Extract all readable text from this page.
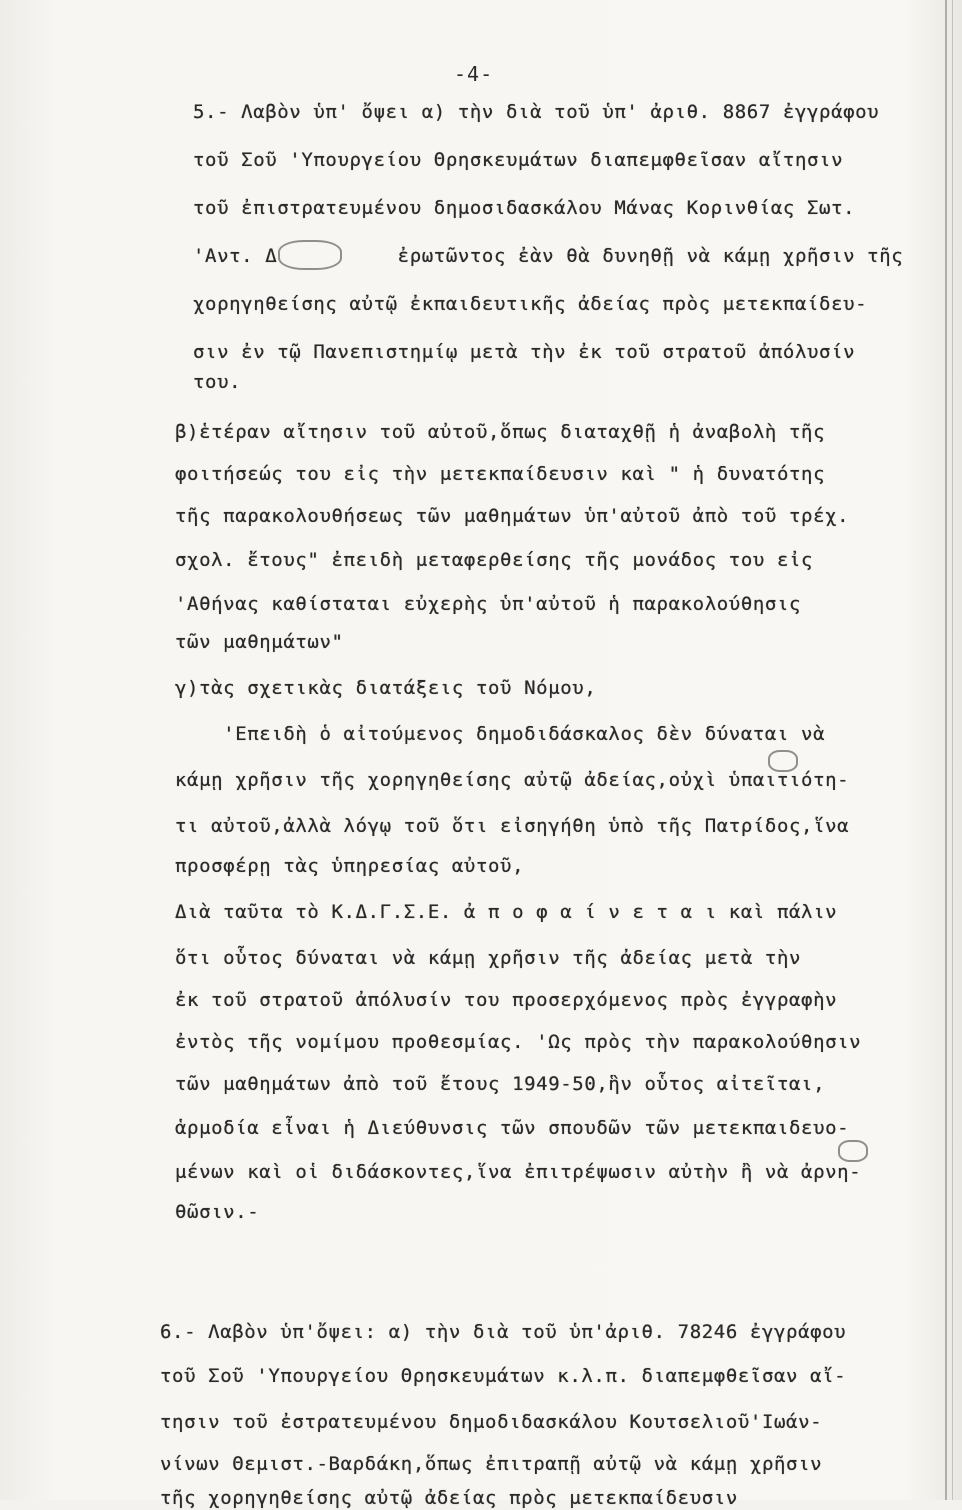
-4-
5.- Λαβὸν ὑπ' ὄψει α) τὴν διὰ τοῦ ὑπ' ἀριθ. 8867 ἐγγράφου
τοῦ Σοῦ 'Υπουργείου Θρησκευμάτων διαπεμφθεῖσαν αἴτησιν
τοῦ ἐπιστρατευμένου δημοσιδασκάλου Μάνας Κορινθίας Σωτ.
'Αντ. Δ          ἐρωτῶντος ἐὰν θὰ δυνηθῇ νὰ κάμῃ χρῆσιν τῆς
χορηγηθείσης αὐτῷ ἐκπαιδευτικῆς ἀδείας πρὸς μετεκπαίδευ-
σιν ἐν τῷ Πανεπιστημίῳ μετὰ τὴν ἐκ τοῦ στρατοῦ ἀπόλυσίν
του.
β)ἑτέραν αἴτησιν τοῦ αὐτοῦ,ὅπως διαταχθῇ ἡ ἀναβολὴ τῆς
φοιτήσεώς του εἰς τὴν μετεκπαίδευσιν καὶ " ἡ δυνατότης
τῆς παρακολουθήσεως τῶν μαθημάτων ὑπ'αὐτοῦ ἀπὸ τοῦ τρέχ.
σχολ. ἔτους" ἐπειδὴ μεταφερθείσης τῆς μονάδος του εἰς
'Αθήνας καθίσταται εὐχερὴς ὑπ'αὐτοῦ ἡ παρακολούθησις
τῶν μαθημάτων"
γ)τὰς σχετικὰς διατάξεις τοῦ Νόμου,
'Επειδὴ ὁ αἰτούμενος δημοδιδάσκαλος δὲν δύναται νὰ
κάμῃ χρῆσιν τῆς χορηγηθείσης αὐτῷ ἀδείας,οὐχὶ ὑπαιτιότη-
τι αὐτοῦ,ἀλλὰ λόγῳ τοῦ ὅτι εἰσηγήθη ὑπὸ τῆς Πατρίδος,ἵνα
προσφέρῃ τὰς ὑπηρεσίας αὐτοῦ,
Διὰ ταῦτα τὸ Κ.Δ.Γ.Σ.Ε. ἀ π ο φ α ί ν ε τ α ι καὶ πάλιν
ὅτι οὗτος δύναται νὰ κάμῃ χρῆσιν τῆς ἀδείας μετὰ τὴν
ἐκ τοῦ στρατοῦ ἀπόλυσίν του προσερχόμενος πρὸς ἐγγραφὴν
ἐντὸς τῆς νομίμου προθεσμίας. 'Ως πρὸς τὴν παρακολούθησιν
τῶν μαθημάτων ἀπὸ τοῦ ἔτους 1949-50,ἣν οὗτος αἰτεῖται,
ἁρμοδία εἶναι ἡ Διεύθυνσις τῶν σπουδῶν τῶν μετεκπαιδευο-
μένων καὶ οἱ διδάσκοντες,ἵνα ἐπιτρέψωσιν αὐτὴν ἢ νὰ ἀρνη-
θῶσιν.-
6.- Λαβὸν ὑπ'ὄψει: α) τὴν διὰ τοῦ ὑπ'ἀριθ. 78246 ἐγγράφου
τοῦ Σοῦ 'Υπουργείου Θρησκευμάτων κ.λ.π. διαπεμφθεῖσαν αἴ-
τησιν τοῦ ἐστρατευμένου δημοδιδασκάλου Κουτσελιοῦ'Ιωάν-
νίνων Θεμιστ.-Βαρδάκη,ὅπως ἐπιτραπῇ αὐτῷ νὰ κάμῃ χρῆσιν
τῆς χορηγηθείσης αὐτῷ ἀδείας πρὸς μετεκπαίδευσιν
